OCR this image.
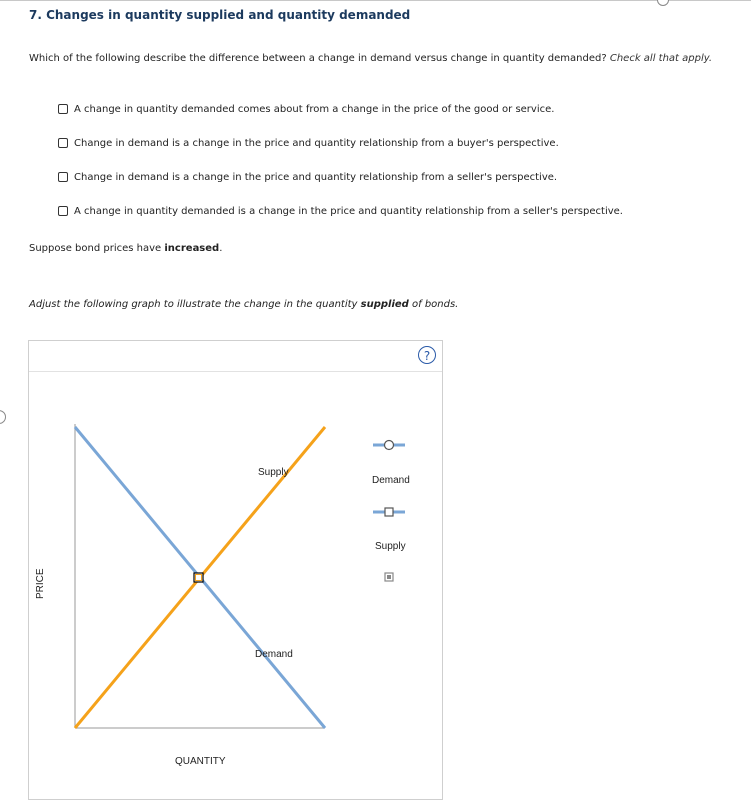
7. Changes in quantity supplied and quantity demanded
Which of the following describe the difference between a change in demand versus change in quantity demanded? Check all that apply.
A change in quantity demanded comes about from a change in the price of the good or service.
Change in demand is a change in the price and quantity relationship from a buyer's perspective.
Change in demand is a change in the price and quantity relationship from a seller's perspective.
A change in quantity demanded is a change in the price and quantity relationship from a seller's perspective.
Suppose bond prices have increased.
Adjust the following graph to illustrate the change in the quantity supplied of bonds.
?
Supply
Demand
QUANTITY
PRICE
Demand
Supply
